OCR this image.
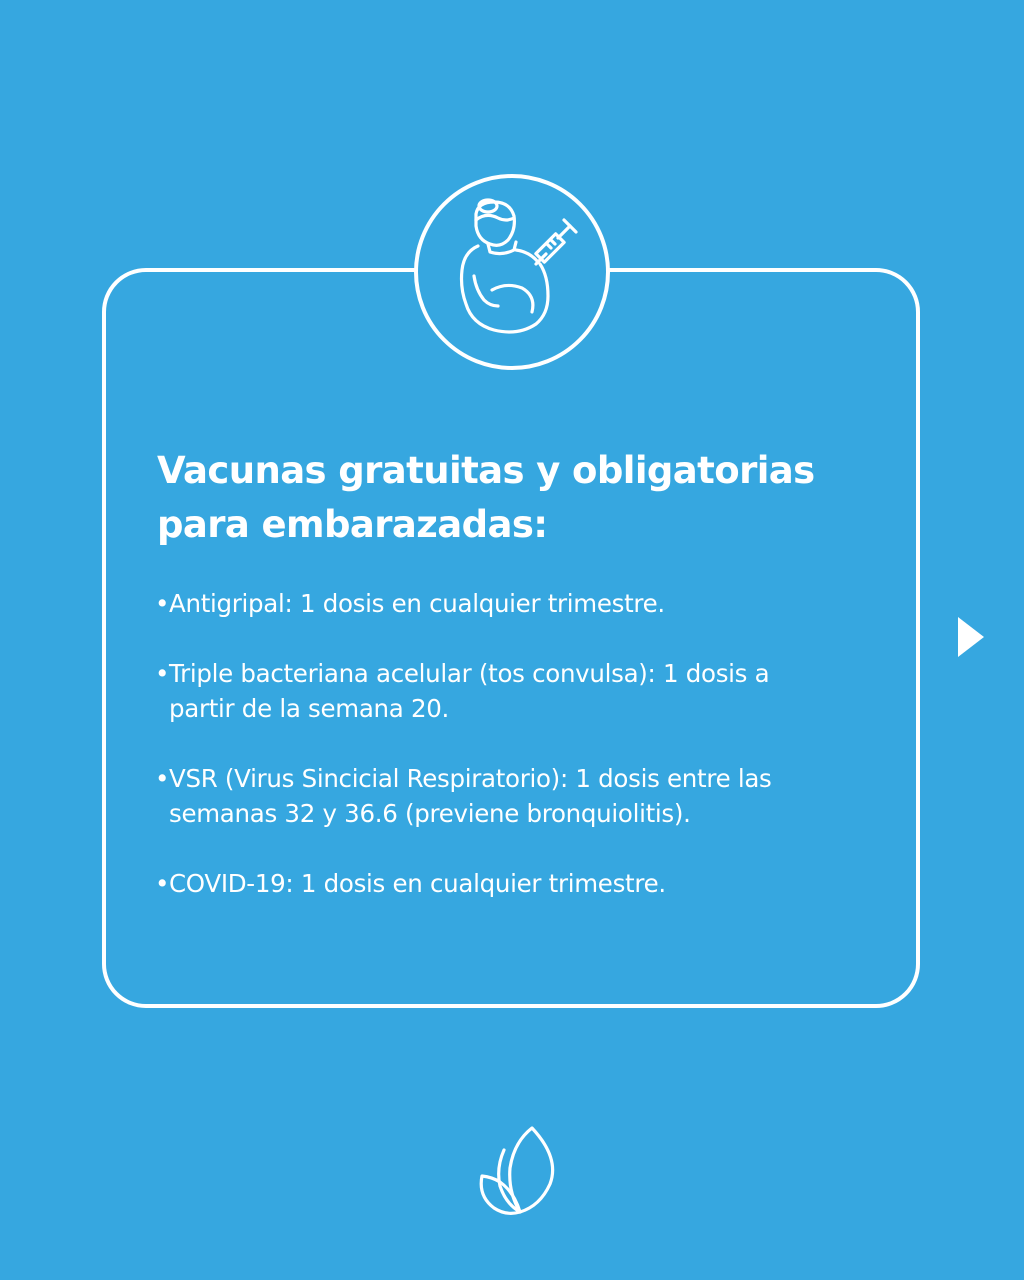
Vacunas gratuitas y obligatorias para embarazadas:
• Antigripal: 1 dosis en cualquier trimestre.
• Triple bacteriana acelular (tos convulsa): 1 dosis a partir de la semana 20.
• VSR (Virus Sincicial Respiratorio): 1 dosis entre las semanas 32 y 36.6 (previene bronquiolitis).
• COVID-19: 1 dosis en cualquier trimestre.
